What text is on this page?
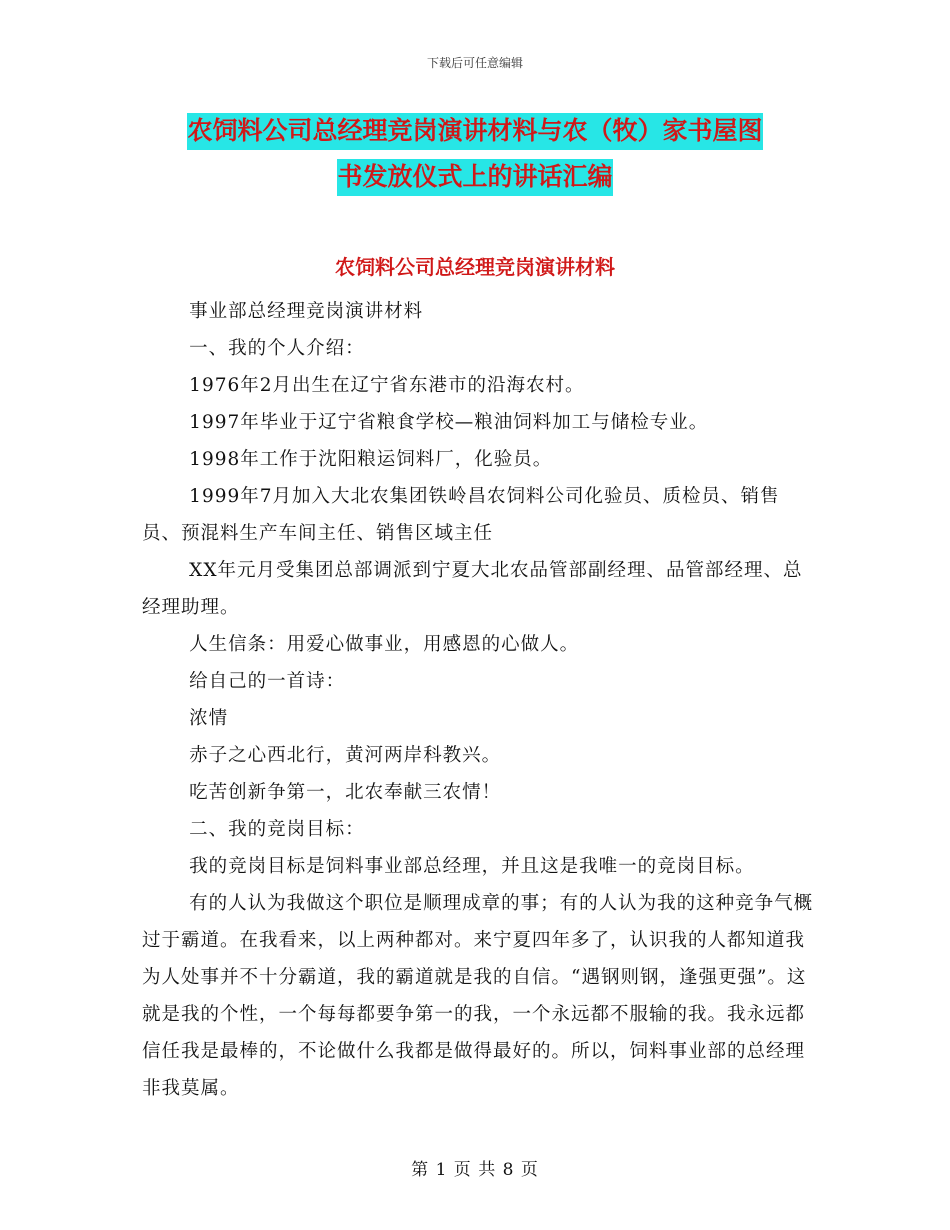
下载后可任意编辑
农饲料公司总经理竞岗演讲材料与农（牧）家书屋图
书发放仪式上的讲话汇编
农饲料公司总经理竞岗演讲材料

事业部总经理竞岗演讲材料

一、我的个人介绍：

1976年2月出生在辽宁省东港市的沿海农村。

1997年毕业于辽宁省粮食学校—粮油饲料加工与储检专业。

1998年工作于沈阳粮运饲料厂，化验员。

1999年7月加入大北农集团铁岭昌农饲料公司化验员、质检员、销售员、预混料生产车间主任、销售区域主任

XX年元月受集团总部调派到宁夏大北农品管部副经理、品管部经理、总经理助理。

人生信条：用爱心做事业，用感恩的心做人。

给自己的一首诗：

浓情

赤子之心西北行，黄河两岸科教兴。

吃苦创新争第一，北农奉献三农情！

二、我的竞岗目标：

我的竞岗目标是饲料事业部总经理，并且这是我唯一的竞岗目标。

有的人认为我做这个职位是顺理成章的事；有的人认为我的这种竞争气概过于霸道。在我看来，以上两种都对。来宁夏四年多了，认识我的人都知道我为人处事并不十分霸道，我的霸道就是我的自信。“遇钢则钢，逢强更强”。这就是我的个性，一个每每都要争第一的我，一个永远都不服输的我。我永远都信任我是最棒的，不论做什么我都是做得最好的。所以，饲料事业部的总经理非我莫属。

第 1 页 共 8 页
